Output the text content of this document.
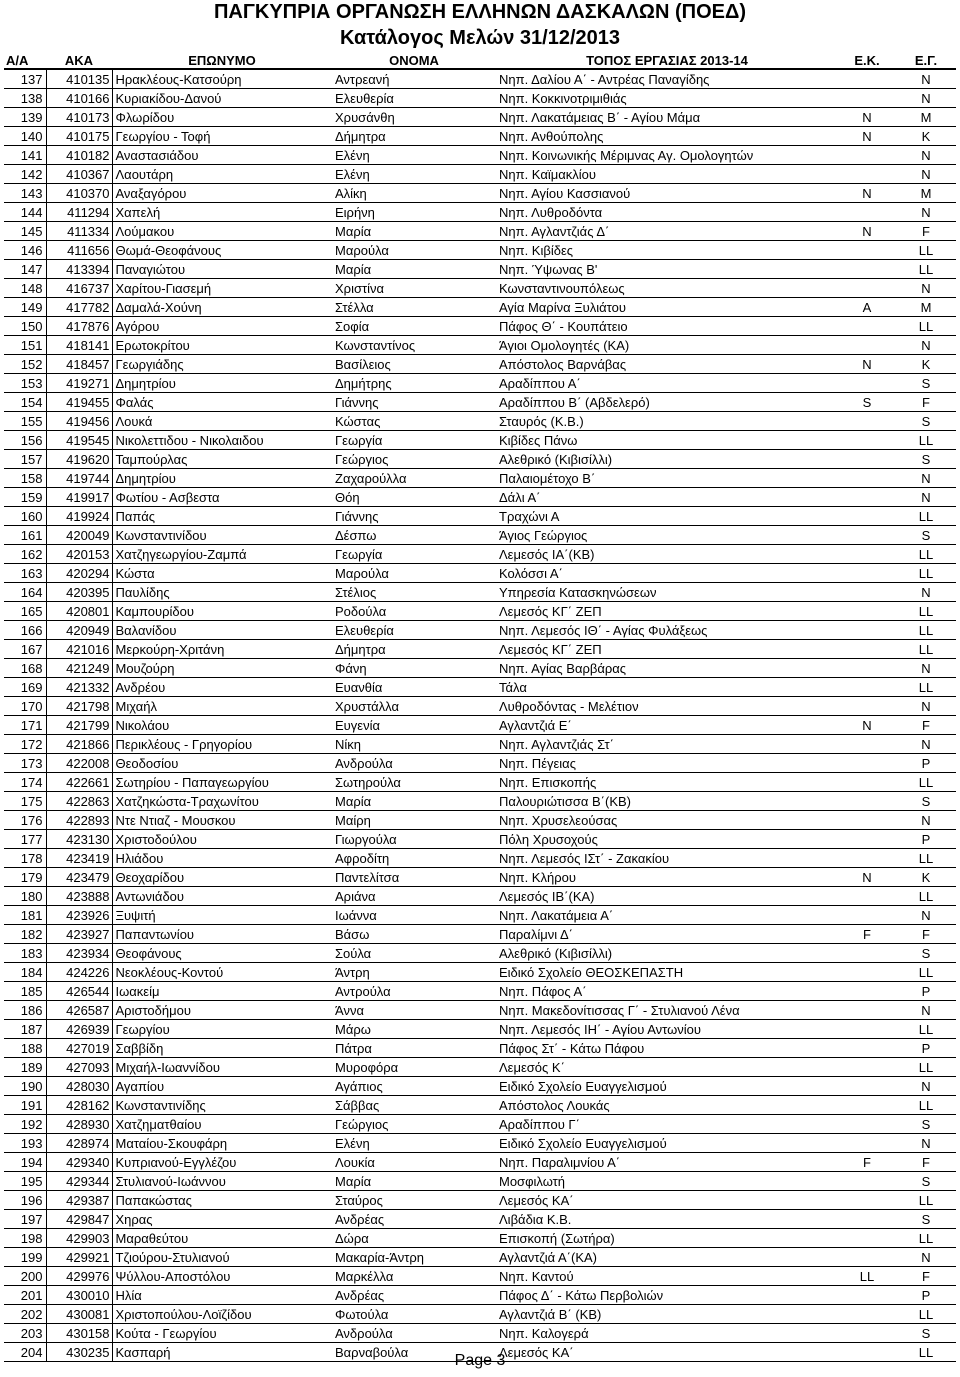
ΠΑΓΚΥΠΡΙΑ ΟΡΓΑΝΩΣΗ ΕΛΛΗΝΩΝ ΔΑΣΚΑΛΩΝ (ΠΟΕΔ)
Κατάλογος Μελών 31/12/2013
Α/Α	ΑΚΑ	ΕΠΩΝΥΜΟ	ΟΝΟΜΑ	ΤΟΠΟΣ ΕΡΓΑΣΙΑΣ 2013-14	Ε.Κ.	Ε.Γ.
137	410135	Ηρακλέους-Κατσούρη	Αντρεανή	Νηπ. Δαλίου Α΄ - Αντρέας Παναγίδης		N
138	410166	Κυριακίδου-Δανού	Ελευθερία	Νηπ. Κοκκινοτριμιθιάς		N
139	410173	Φλωρίδου	Χρυσάνθη	Νηπ. Λακατάμειας Β΄ - Αγίου Μάμα	N	M
140	410175	Γεωργίου - Τοφή	Δήμητρα	Νηπ. Ανθούπολης	N	K
141	410182	Αναστασιάδου	Ελένη	Νηπ. Κοινωνικής Μέριμνας Αγ. Ομολογητών		N
142	410367	Λαουτάρη	Ελένη	Νηπ. Καϊμακλίου		N
143	410370	Αναξαγόρου	Αλίκη	Νηπ. Αγίου Κασσιανού	N	M
144	411294	Χαπελή	Ειρήνη	Νηπ. Λυθροδόντα		N
145	411334	Λούμακου	Μαρία	Νηπ. Αγλαντζιάς Δ΄	N	F
146	411656	Θωμά-Θεοφάνους	Μαρούλα	Νηπ. Κιβίδες		LL
147	413394	Παναγιώτου	Μαρία	Νηπ. Ύψωνας Β'		LL
148	416737	Χαρίτου-Γιασεμή	Χριστίνα	Κωνσταντινουπόλεως		N
149	417782	Δαμαλά-Χούνη	Στέλλα	Αγία Μαρίνα Ξυλιάτου	A	M
150	417876	Αγόρου	Σοφία	Πάφος Θ΄ - Κουπάτειο		LL
151	418141	Ερωτοκρίτου	Κωνσταντίνος	Άγιοι Ομολογητές (ΚΑ)		N
152	418457	Γεωργιάδης	Βασίλειος	Απόστολος Βαρνάβας	N	K
153	419271	Δημητρίου	Δημήτρης	Αραδίππου Α΄		S
154	419455	Φαλάς	Γιάννης	Αραδίππου Β΄ (Αβδελερό)	S	F
155	419456	Λουκά	Κώστας	Σταυρός (Κ.Β.)		S
156	419545	Νικολεττιδου - Νικολαιδου	Γεωργία	Κιβίδες Πάνω		LL
157	419620	Ταμπούρλας	Γεώργιος	Αλεθρικό (Κιβισίλλι)		S
158	419744	Δημητρίου	Ζαχαρούλλα	Παλαιομέτοχο Β΄		N
159	419917	Φωτίου - Ασβεστα	Θόη	Δάλι Α΄		N
160	419924	Παπάς	Γιάννης	Τραχώνι Α		LL
161	420049	Κωνσταντινίδου	Δέσπω	Άγιος Γεώργιος		S
162	420153	Χατζηγεωργίου-Ζαμπά	Γεωργία	Λεμεσός ΙΑ΄(ΚΒ)		LL
163	420294	Κώστα	Μαρούλα	Κολόσσι Α΄		LL
164	420395	Παυλίδης	Στέλιος	Υπηρεσία Κατασκηνώσεων		N
165	420801	Καμπουρίδου	Ροδούλα	Λεμεσός ΚΓ΄ ΖΕΠ		LL
166	420949	Βαλανίδου	Ελευθερία	Νηπ. Λεμεσός ΙΘ΄ - Αγίας Φυλάξεως		LL
167	421016	Μερκούρη-Χριτάνη	Δήμητρα	Λεμεσός ΚΓ΄ ΖΕΠ		LL
168	421249	Μουζούρη	Φάνη	Νηπ. Αγίας Βαρβάρας		N
169	421332	Ανδρέου	Ευανθία	Τάλα		LL
170	421798	Μιχαήλ	Χρυστάλλα	Λυθροδόντας - Μελέτιον		N
171	421799	Νικολάου	Ευγενία	Αγλαντζιά Ε΄	N	F
172	421866	Περικλέους - Γρηγορίου	Νίκη	Νηπ. Αγλαντζιάς Στ΄		N
173	422008	Θεοδοσίου	Ανδρούλα	Νηπ. Πέγειας		P
174	422661	Σωτηρίου - Παπαγεωργίου	Σωτηρούλα	Νηπ. Επισκοπής		LL
175	422863	Χατζηκώστα-Τραχωνίτου	Μαρία	Παλουριώτισσα Β΄(ΚΒ)		S
176	422893	Ντε Ντιαζ - Μουσκου	Μαίρη	Νηπ. Χρυσελεούσας		N
177	423130	Χριστοδούλου	Γιωργούλα	Πόλη Χρυσοχούς		P
178	423419	Ηλιάδου	Αφροδίτη	Νηπ. Λεμεσός ΙΣτ΄ - Ζακακίου		LL
179	423479	Θεοχαρίδου	Παντελίτσα	Νηπ. Κλήρου	N	K
180	423888	Αντωνιάδου	Αριάνα	Λεμεσός ΙΒ΄(ΚΑ)		LL
181	423926	Ξυψιτή	Ιωάννα	Νηπ. Λακατάμεια Α΄		N
182	423927	Παπαντωνίου	Βάσω	Παραλίμνι Δ΄	F	F
183	423934	Θεοφάνους	Σούλα	Αλεθρικό (Κιβισίλλι)		S
184	424226	Νεοκλέους-Κοντού	Άντρη	Ειδικό Σχολείο ΘΕΟΣΚΕΠΑΣΤΗ		LL
185	426544	Ιωακείμ	Αντρούλα	Νηπ. Πάφος Α΄		P
186	426587	Αριστοδήμου	Άννα	Νηπ. Μακεδονίτισσας Γ΄ - Στυλιανού Λένα		N
187	426939	Γεωργίου	Μάρω	Νηπ. Λεμεσός ΙΗ΄ - Αγίου Αντωνίου		LL
188	427019	Σαββίδη	Πάτρα	Πάφος Στ΄ - Κάτω Πάφου		P
189	427093	Μιχαήλ-Ιωαννίδου	Μυροφόρα	Λεμεσός Κ΄		LL
190	428030	Αγαπίου	Αγάπιος	Ειδικό Σχολείο Ευαγγελισμού		N
191	428162	Κωνσταντινίδης	Σάββας	Απόστολος Λουκάς		LL
192	428930	Χατζηματθαίου	Γεώργιος	Αραδίππου Γ΄		S
193	428974	Ματαίου-Σκουφάρη	Ελένη	Ειδικό Σχολείο Ευαγγελισμού		N
194	429340	Κυπριανού-Εγγλέζου	Λουκία	Νηπ. Παραλιμνίου Α΄	F	F
195	429344	Στυλιανού-Ιωάννου	Μαρία	Μοσφιλωτή		S
196	429387	Παπακώστας	Σταύρος	Λεμεσός ΚΑ΄		LL
197	429847	Χηρας	Ανδρέας	Λιβάδια Κ.Β.		S
198	429903	Μαραθεύτου	Δώρα	Επισκοπή (Σωτήρα)		LL
199	429921	Τζιούρου-Στυλιανού	Μακαρία-Άντρη	Αγλαντζιά Α΄(ΚΑ)		N
200	429976	Ψύλλου-Αποστόλου	Μαρκέλλα	Νηπ. Καντού	LL	F
201	430010	Ηλία	Ανδρέας	Πάφος Δ΄ - Κάτω Περβολιών		P
202	430081	Χριστοπούλου-Λοϊζίδου	Φωτούλα	Αγλαντζιά Β΄ (ΚΒ)		LL
203	430158	Κούτα - Γεωργίου	Ανδρούλα	Νηπ. Καλογερά		S
204	430235	Κασπαρή	Βαρναβούλα	Λεμεσός ΚΑ΄		LL
Page 3
